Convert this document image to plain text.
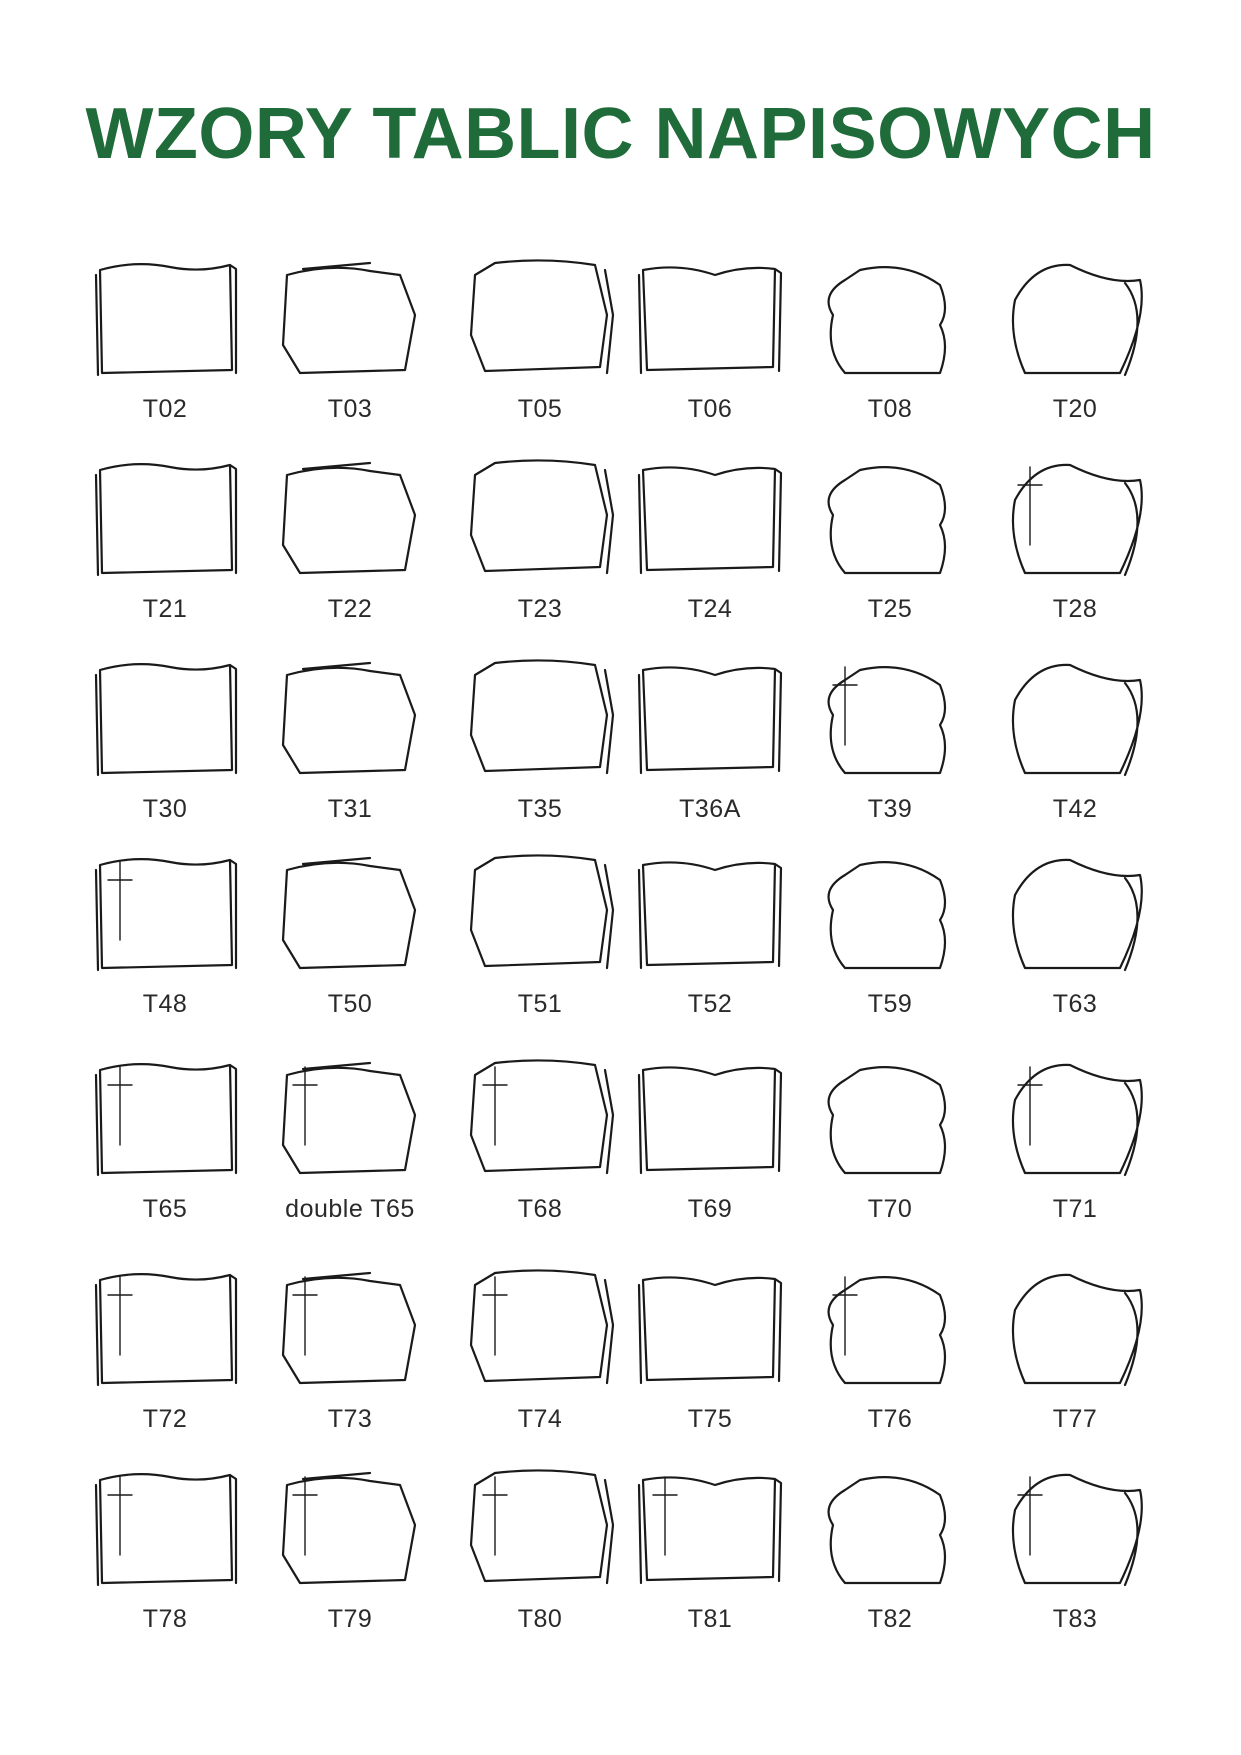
WZORY TABLIC NAPISOWYCH
T02	T03	T05	T06	T08	T20
T21	T22	T23	T24	T25	T28
T30	T31	T35	T36A	T39	T42
T48	T50	T51	T52	T59	T63
T65	double T65	T68	T69	T70	T71
T72	T73	T74	T75	T76	T77
T78	T79	T80	T81	T82	T83
